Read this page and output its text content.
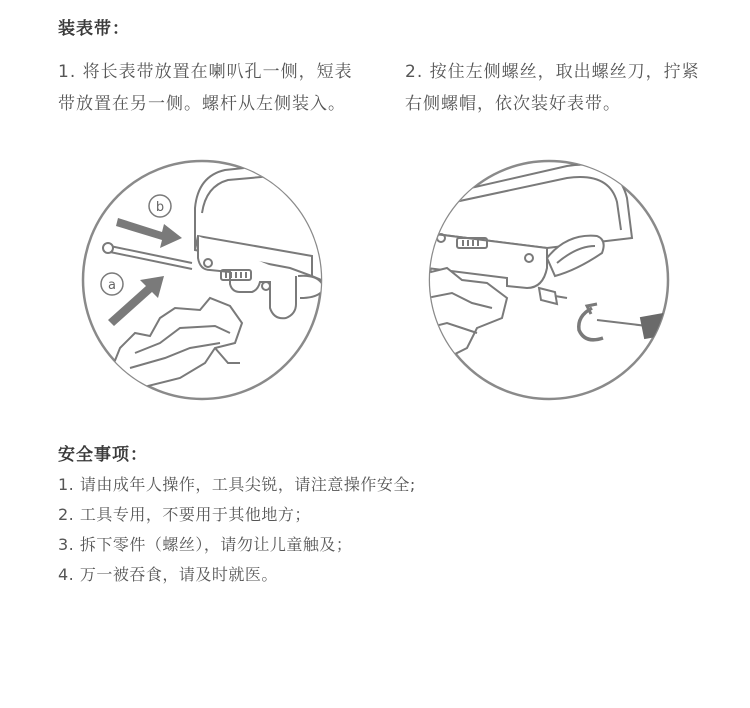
装表带：
1. 将长表带放置在喇叭孔一侧，短表带放置在另一侧。螺杆从左侧装入。
2. 按住左侧螺丝，取出螺丝刀，拧紧右侧螺帽，依次装好表带。
b
a
安全事项：
1. 请由成年人操作，工具尖锐，请注意操作安全;
2. 工具专用，不要用于其他地方；
3. 拆下零件（螺丝），请勿让儿童触及；
4. 万一被吞食，请及时就医。
